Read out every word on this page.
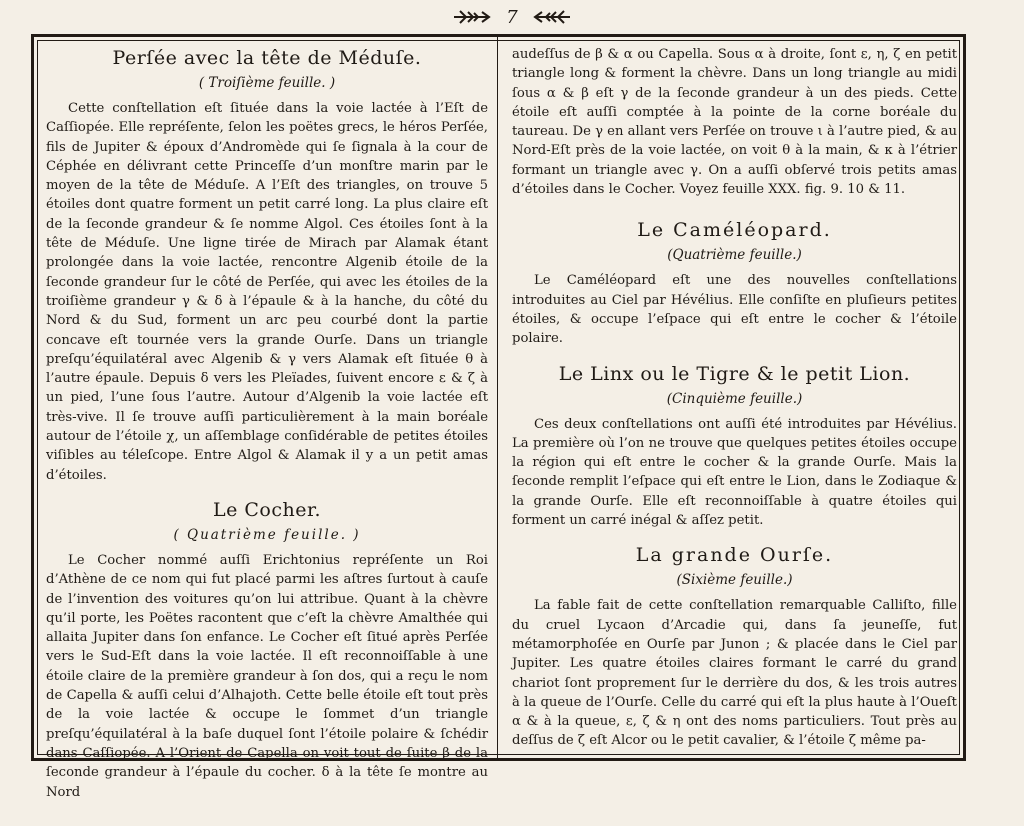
7
Perſée avec la tête de Méduſe.
( Troiſième feuille. )

Cette conſtellation eſt ſituée dans la voie lactée à l’Eſt de Caſſiopée. Elle repréſente, ſelon les poëtes grecs, le héros Perſée, fils de Jupiter & époux d’Andromède qui ſe ſignala à la cour de Céphée en délivrant cette Princeſſe d’un monſtre marin par le moyen de la tête de Méduſe. A l’Eſt des triangles, on trouve 5 étoiles dont quatre forment un petit carré long. La plus claire eſt de la ſeconde grandeur & ſe nomme Algol. Ces étoiles ſont à la tête de Méduſe. Une ligne tirée de Mirach par Alamak étant prolongée dans la voie lactée, rencontre Algenib étoile de la ſeconde grandeur ſur le côté de Perſée, qui avec les étoiles de la troiſième grandeur γ & δ à l’épaule & à la hanche, du côté du Nord & du Sud, forment un arc peu courbé dont la partie concave eſt tournée vers la grande Ourſe. Dans un triangle preſqu’équilatéral avec Algenib & γ vers Alamak eſt ſituée θ à l’autre épaule. Depuis δ vers les Pleïades, ſuivent encore ε & ζ à un pied, l’une ſous l’autre. Autour d’Algenib la voie lactée eſt très-vive. Il ſe trouve auſſi particulièrement à la main boréale autour de l’étoile χ, un aſſemblage conſidérable de petites étoiles viſibles au téleſcope. Entre Algol & Alamak il y a un petit amas d’étoiles.

Le Cocher.
( Quatrième feuille. )

Le Cocher nommé auſſi Erichtonius repréſente un Roi d’Athène de ce nom qui fut placé parmi les aſtres ſurtout à cauſe de l’invention des voitures qu’on lui attribue. Quant à la chèvre qu’il porte, les Poëtes racontent que c’eſt la chèvre Amalthée qui allaita Jupiter dans ſon enfance. Le Cocher eſt ſitué après Perſée vers le Sud-Eſt dans la voie lactée. Il eſt reconnoiſſable à une étoile claire de la première grandeur à ſon dos, qui a reçu le nom de Capella & auſſi celui d’Alhajoth. Cette belle étoile eſt tout près de la voie lactée & occupe le ſommet d’un triangle preſqu’équilatéral à la baſe duquel ſont l’étoile polaire & ſchédir dans Caſſiopée. A l’Orient de Capella on voit tout de ſuite β de la ſeconde grandeur à l’épaule du cocher. δ à la tête ſe montre au Nord

audeſſus de β & α ou Capella. Sous α à droite, ſont ε, η, ζ en petit triangle long & forment la chèvre. Dans un long triangle au midi ſous α & β eſt γ de la ſeconde grandeur à un des pieds. Cette étoile eſt auſſi comptée à la pointe de la corne boréale du taureau. De γ en allant vers Perſée on trouve ι à l’autre pied, & au Nord-Eſt près de la voie lactée, on voit θ à la main, & κ à l’étrier formant un triangle avec γ. On a auſſi obſervé trois petits amas d’étoiles dans le Cocher. Voyez feuille XXX. fig. 9. 10 & 11.

Le Caméléopard.
(Quatrième feuille.)

Le Caméléopard eſt une des nouvelles conſtellations introduites au Ciel par Hévélius. Elle conſiſte en pluſieurs petites étoiles, & occupe l’eſpace qui eſt entre le cocher & l’étoile polaire.

Le Linx ou le Tigre & le petit Lion.
(Cinquième feuille.)

Ces deux conſtellations ont auſſi été introduites par Hévélius. La première où l’on ne trouve que quelques petites étoiles occupe la région qui eſt entre le cocher & la grande Ourſe. Mais la ſeconde remplit l’eſpace qui eſt entre le Lion, dans le Zodiaque & la grande Ourſe. Elle eſt reconnoiſſable à quatre étoiles qui forment un carré inégal & aſſez petit.

La grande Ourſe.
(Sixième feuille.)

La fable fait de cette conſtellation remarquable Calliſto, fille du cruel Lycaon d’Arcadie qui, dans ſa jeuneſſe, fut métamorphoſée en Ourſe par Junon ; & placée dans le Ciel par Jupiter. Les quatre étoiles claires formant le carré du grand chariot ſont proprement ſur le derrière du dos, & les trois autres à la queue de l’Ourſe. Celle du carré qui eſt la plus haute à l’Oueſt α & à la queue, ε, ζ & η ont des noms particuliers. Tout près au deſſus de ζ eſt Alcor ou le petit cavalier, & l’étoile ζ même pa-
